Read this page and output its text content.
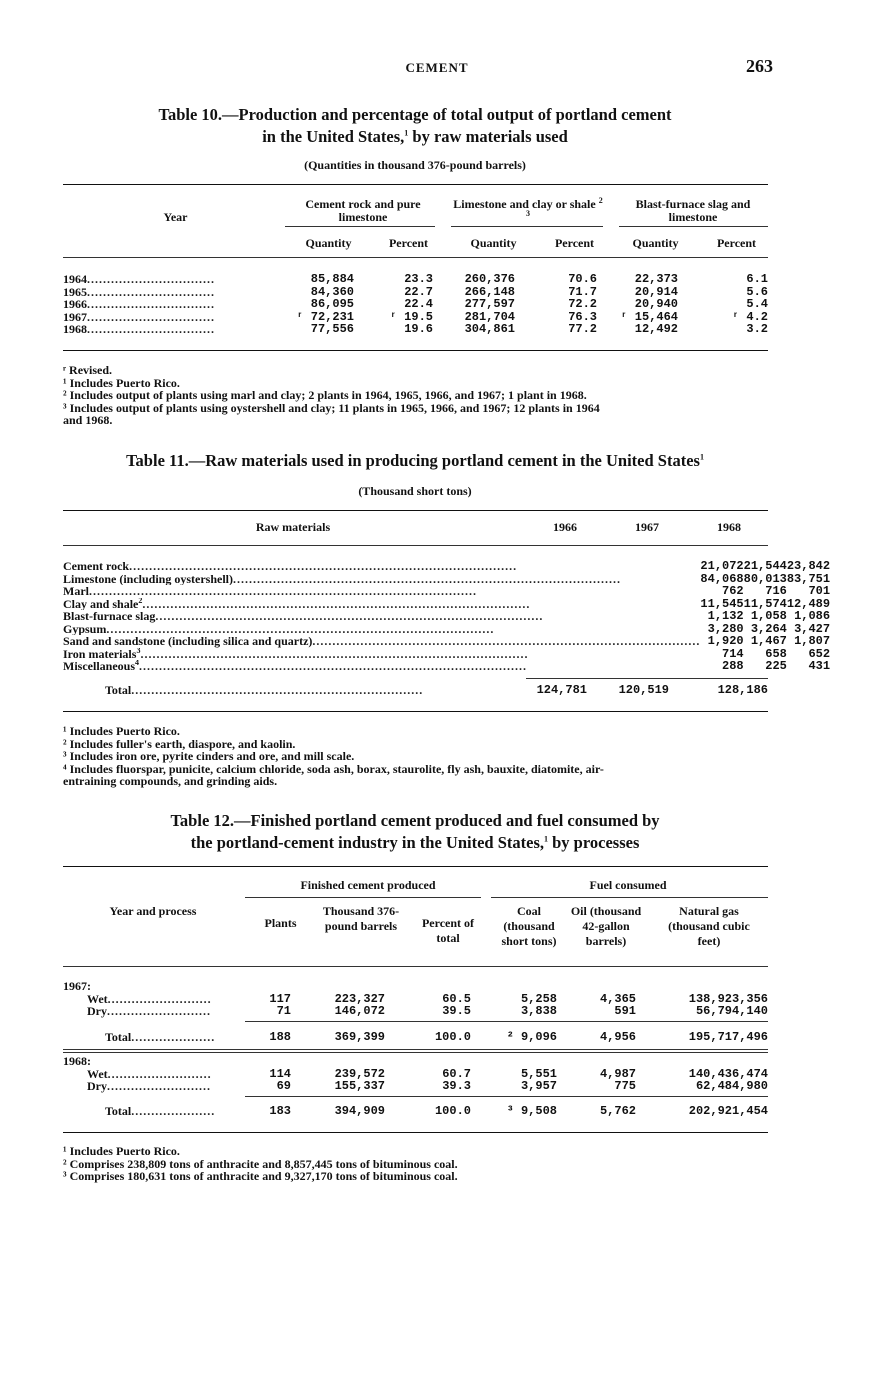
CEMENT	263
Table 10.—Production and percentage of total output of portland cement
in the United States,$^1$ by raw materials used
(Quantities in thousand 376-pound barrels)
Year
Cement rock and pure limestone
Limestone and clay or shale $^{2 3}$
Blast-furnace slag and limestone
Quantity	Percent	Quantity	Percent	Quantity	Percent
1964................................	85,884	23.3	260,376	70.6	22,373	6.1
1965................................	84,360	22.7	266,148	71.7	20,914	5.6
1966................................	86,095	22.4	277,597	72.2	20,940	5.4
1967................................	ʳ 72,231	ʳ 19.5	281,704	76.3	ʳ 15,464	ʳ 4.2
1968................................	77,556	19.6	304,861	77.2	12,492	3.2
ʳ Revised.
¹ Includes Puerto Rico.
² Includes output of plants using marl and clay; 2 plants in 1964, 1965, 1966, and 1967; 1 plant in 1968.
³ Includes output of plants using oystershell and clay; 11 plants in 1965, 1966, and 1967; 12 plants in 1964
and 1968.
Table 11.—Raw materials used in producing portland cement in the United States$^1$
(Thousand short tons)
Raw materials	1966	1967	1968
Cement rock.................................................................................................	21,072	21,544	23,842
Limestone (including oystershell).................................................................................................	84,068	80,013	83,751
Marl.................................................................................................	762	716	701
Clay and shale$^2$.................................................................................................	11,545	11,574	12,489
Blast-furnace slag.................................................................................................	1,132	1,058	1,086
Gypsum.................................................................................................	3,280	3,264	3,427
Sand and sandstone (including silica and quartz).................................................................................................	1,920	1,467	1,807
Iron materials$^3$.................................................................................................	714	658	652
Miscellaneous$^4$.................................................................................................	288	225	431
Total.........................................................................	124,781	120,519	128,186
¹ Includes Puerto Rico.
² Includes fuller's earth, diaspore, and kaolin.
³ Includes iron ore, pyrite cinders and ore, and mill scale.
⁴ Includes fluorspar, punicite, calcium chloride, soda ash, borax, staurolite, fly ash, bauxite, diatomite, air-
entraining compounds, and grinding aids.
Table 12.—Finished portland cement produced and fuel consumed by
the portland-cement industry in the United States,$^1$ by processes
Finished cement produced	Fuel consumed
Year and process
Plants
Thousand 376-pound barrels	Percent of total
Coal (thousand short tons)
Oil (thousand 42-gallon barrels)
Natural gas (thousand cubic feet)
1967:						
Wet..........................	117	223,327	60.5	5,258	4,365	138,923,356
Dry..........................	71	146,072	39.5	3,838	591	56,794,140
Total.....................	188	369,399	100.0	² 9,096	4,956	195,717,496
1968:						
Wet..........................	114	239,572	60.7	5,551	4,987	140,436,474
Dry..........................	69	155,337	39.3	3,957	775	62,484,980
Total.....................	183	394,909	100.0	³ 9,508	5,762	202,921,454
¹ Includes Puerto Rico.
² Comprises 238,809 tons of anthracite and 8,857,445 tons of bituminous coal.
³ Comprises 180,631 tons of anthracite and 9,327,170 tons of bituminous coal.
